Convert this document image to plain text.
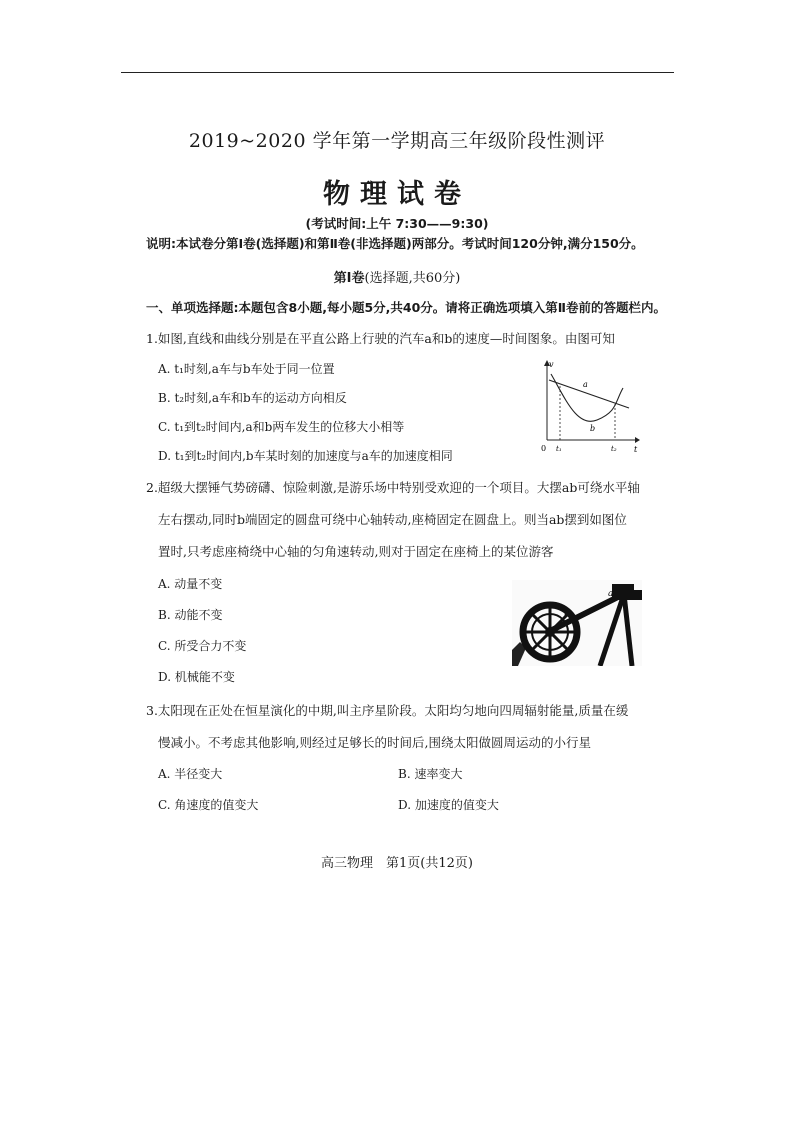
2019~2020 学年第一学期高三年级阶段性测评
物理试卷
(考试时间:上午 7:30——9:30)
说明:本试卷分第Ⅰ卷(选择题)和第Ⅱ卷(非选择题)两部分。考试时间120分钟,满分150分。
第Ⅰ卷(选择题,共60分)
一、单项选择题:本题包含8小题,每小题5分,共40分。请将正确选项填入第Ⅱ卷前的答题栏内。
1.如图,直线和曲线分别是在平直公路上行驶的汽车a和b的速度—时间图象。由图可知
A. t₁时刻,a车与b车处于同一位置
B. t₂时刻,a车和b车的运动方向相反
C. t₁到t₂时间内,a和b两车发生的位移大小相等
D. t₁到t₂时间内,b车某时刻的加速度与a车的加速度相同
v
t
0 t₁	t₂
a
b
2.超级大摆锤气势磅礴、惊险刺激,是游乐场中特别受欢迎的一个项目。大摆ab可绕水平轴
左右摆动,同时b端固定的圆盘可绕中心轴转动,座椅固定在圆盘上。则当ab摆到如图位
置时,只考虑座椅绕中心轴的匀角速转动,则对于固定在座椅上的某位游客
A. 动量不变
B. 动能不变
C. 所受合力不变
D. 机械能不变
a
b
3.太阳现在正处在恒星演化的中期,叫主序星阶段。太阳均匀地向四周辐射能量,质量在缓
慢减小。不考虑其他影响,则经过足够长的时间后,围绕太阳做圆周运动的小行星
A. 半径变大	B. 速率变大
C. 角速度的值变大	D. 加速度的值变大
高三物理　第1页(共12页)
